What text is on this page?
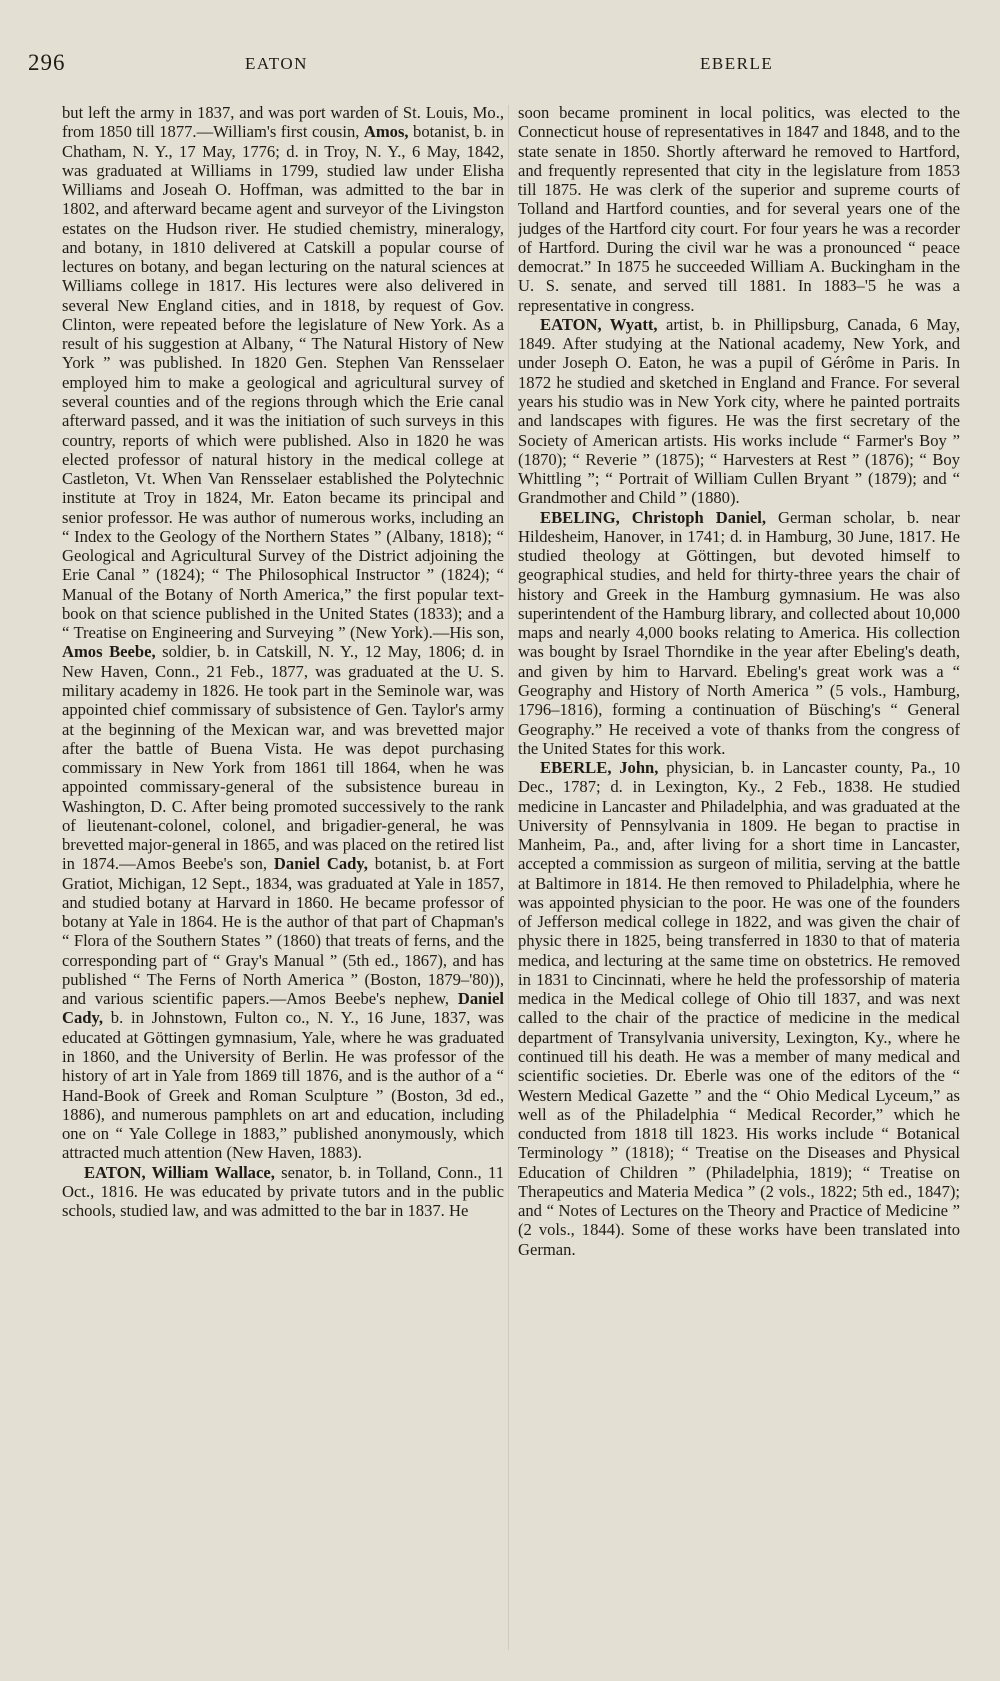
296	EATON	EBERLE

but left the army in 1837, and was port warden of St. Louis, Mo., from 1850 till 1877.—William's first cousin, Amos, botanist, b. in Chatham, N. Y., 17 May, 1776; d. in Troy, N. Y., 6 May, 1842, was graduated at Williams in 1799, studied law under Elisha Williams and Joseah O. Hoffman, was admitted to the bar in 1802, and afterward became agent and surveyor of the Livingston estates on the Hudson river. He studied chemistry, mineralogy, and botany, in 1810 delivered at Catskill a popular course of lectures on botany, and began lecturing on the natural sciences at Williams college in 1817. His lectures were also delivered in several New England cities, and in 1818, by request of Gov. Clinton, were repeated before the legislature of New York. As a result of his suggestion at Albany, “ The Natural History of New York ” was published. In 1820 Gen. Stephen Van Rensselaer employed him to make a geological and agricultural survey of several counties and of the regions through which the Erie canal afterward passed, and it was the initiation of such surveys in this country, reports of which were published. Also in 1820 he was elected professor of natural history in the medical college at Castleton, Vt. When Van Rensselaer established the Polytechnic institute at Troy in 1824, Mr. Eaton became its principal and senior professor. He was author of numerous works, including an “ Index to the Geology of the Northern States ” (Albany, 1818); “ Geological and Agricultural Survey of the District adjoining the Erie Canal ” (1824); “ The Philosophical Instructor ” (1824); “ Manual of the Botany of North America,” the first popular text-book on that science published in the United States (1833); and a “ Treatise on Engineering and Surveying ” (New York).—His son, Amos Beebe, soldier, b. in Catskill, N. Y., 12 May, 1806; d. in New Haven, Conn., 21 Feb., 1877, was graduated at the U. S. military academy in 1826. He took part in the Seminole war, was appointed chief commissary of subsistence of Gen. Taylor's army at the beginning of the Mexican war, and was brevetted major after the battle of Buena Vista. He was depot purchasing commissary in New York from 1861 till 1864, when he was appointed commissary-general of the subsistence bureau in Washington, D. C. After being promoted successively to the rank of lieutenant-colonel, colonel, and brigadier-general, he was brevetted major-general in 1865, and was placed on the retired list in 1874.—Amos Beebe's son, Daniel Cady, botanist, b. at Fort Gratiot, Michigan, 12 Sept., 1834, was graduated at Yale in 1857, and studied botany at Harvard in 1860. He became professor of botany at Yale in 1864. He is the author of that part of Chapman's “ Flora of the Southern States ” (1860) that treats of ferns, and the corresponding part of “ Gray's Manual ” (5th ed., 1867), and has published “ The Ferns of North America ” (Boston, 1879–'80)), and various scientific papers.—Amos Beebe's nephew, Daniel Cady, b. in Johnstown, Fulton co., N. Y., 16 June, 1837, was educated at Göttingen gymnasium, Yale, where he was graduated in 1860, and the University of Berlin. He was professor of the history of art in Yale from 1869 till 1876, and is the author of a “ Hand-Book of Greek and Roman Sculpture ” (Boston, 3d ed., 1886), and numerous pamphlets on art and education, including one on “ Yale College in 1883,” published anonymously, which attracted much attention (New Haven, 1883).

EATON, William Wallace, senator, b. in Tolland, Conn., 11 Oct., 1816. He was educated by private tutors and in the public schools, studied law, and was admitted to the bar in 1837. He

soon became prominent in local politics, was elected to the Connecticut house of representatives in 1847 and 1848, and to the state senate in 1850. Shortly afterward he removed to Hartford, and frequently represented that city in the legislature from 1853 till 1875. He was clerk of the superior and supreme courts of Tolland and Hartford counties, and for several years one of the judges of the Hartford city court. For four years he was a recorder of Hartford. During the civil war he was a pronounced “ peace democrat.” In 1875 he succeeded William A. Buckingham in the U. S. senate, and served till 1881. In 1883–'5 he was a representative in congress.

EATON, Wyatt, artist, b. in Phillipsburg, Canada, 6 May, 1849. After studying at the National academy, New York, and under Joseph O. Eaton, he was a pupil of Gérôme in Paris. In 1872 he studied and sketched in England and France. For several years his studio was in New York city, where he painted portraits and landscapes with figures. He was the first secretary of the Society of American artists. His works include “ Farmer's Boy ” (1870); “ Reverie ” (1875); “ Harvesters at Rest ” (1876); “ Boy Whittling ”; “ Portrait of William Cullen Bryant ” (1879); and “ Grandmother and Child ” (1880).

EBELING, Christoph Daniel, German scholar, b. near Hildesheim, Hanover, in 1741; d. in Hamburg, 30 June, 1817. He studied theology at Göttingen, but devoted himself to geographical studies, and held for thirty-three years the chair of history and Greek in the Hamburg gymnasium. He was also superintendent of the Hamburg library, and collected about 10,000 maps and nearly 4,000 books relating to America. His collection was bought by Israel Thorndike in the year after Ebeling's death, and given by him to Harvard. Ebeling's great work was a “ Geography and History of North America ” (5 vols., Hamburg, 1796–1816), forming a continuation of Büsching's “ General Geography.” He received a vote of thanks from the congress of the United States for this work.

EBERLE, John, physician, b. in Lancaster county, Pa., 10 Dec., 1787; d. in Lexington, Ky., 2 Feb., 1838. He studied medicine in Lancaster and Philadelphia, and was graduated at the University of Pennsylvania in 1809. He began to practise in Manheim, Pa., and, after living for a short time in Lancaster, accepted a commission as surgeon of militia, serving at the battle at Baltimore in 1814. He then removed to Philadelphia, where he was appointed physician to the poor. He was one of the founders of Jefferson medical college in 1822, and was given the chair of physic there in 1825, being transferred in 1830 to that of materia medica, and lecturing at the same time on obstetrics. He removed in 1831 to Cincinnati, where he held the professorship of materia medica in the Medical college of Ohio till 1837, and was next called to the chair of the practice of medicine in the medical department of Transylvania university, Lexington, Ky., where he continued till his death. He was a member of many medical and scientific societies. Dr. Eberle was one of the editors of the “ Western Medical Gazette ” and the “ Ohio Medical Lyceum,” as well as of the Philadelphia “ Medical Recorder,” which he conducted from 1818 till 1823. His works include “ Botanical Terminology ” (1818); “ Treatise on the Diseases and Physical Education of Children ” (Philadelphia, 1819); “ Treatise on Therapeutics and Materia Medica ” (2 vols., 1822; 5th ed., 1847); and “ Notes of Lectures on the Theory and Practice of Medicine ” (2 vols., 1844). Some of these works have been translated into German.
